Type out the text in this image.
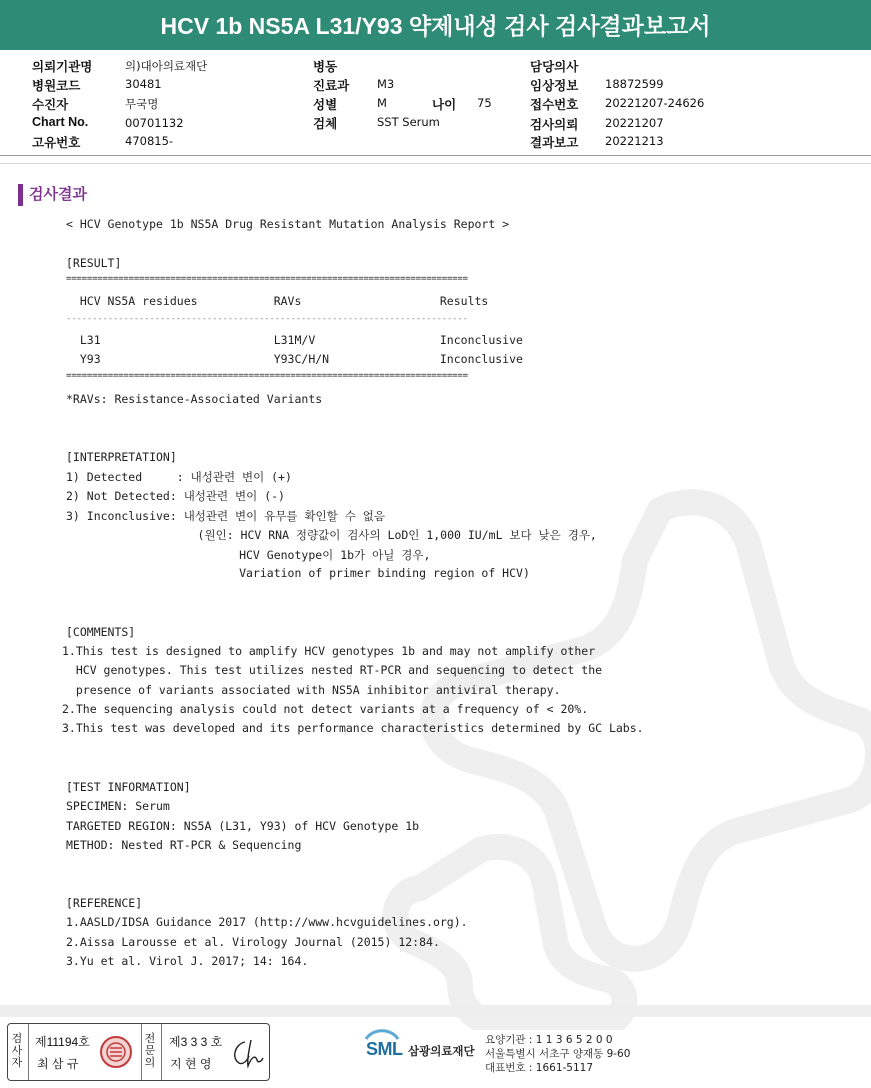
HCV 1b NS5A L31/Y93 약제내성 검사 검사결과보고서
의뢰기관명	의)대아의료재단
병원코드	30481
수진자	무국명
Chart No.	00701132
고유번호	470815-
병동
진료과 M3
성별	M	나이 75
검체	SST Serum
담당의사
임상정보 18872599
접수번호 20221207-24626
검사의뢰 20221207
결과보고 20221213
검사결과
< HCV Genotype 1b NS5A Drug Resistant Mutation Analysis Report >
[RESULT]
=============================================================================
HCV NS5A residues           RAVs                    Results
-----------------------------------------------------------------------------
L31                         L31M/V                  Inconclusive
Y93                         Y93C/H/N                Inconclusive
=============================================================================
*RAVs: Resistance-Associated Variants
[INTERPRETATION]
1) Detected     : 내성관련 변이 (+)
2) Not Detected: 내성관련 변이 (-)
3) Inconclusive: 내성관련 변이 유무를 확인할 수 없음
(원인: HCV RNA 정량값이 검사의 LoD인 1,000 IU/mL 보다 낮은 경우,
HCV Genotype이 1b가 아닐 경우,
Variation of primer binding region of HCV)
[COMMENTS]
1.This test is designed to amplify HCV genotypes 1b and may not amplify other
HCV genotypes. This test utilizes nested RT-PCR and sequencing to detect the
presence of variants associated with NS5A inhibitor antiviral therapy.
2.The sequencing analysis could not detect variants at a frequency of < 20%.
3.This test was developed and its performance characteristics determined by GC Labs.
[TEST INFORMATION]
SPECIMEN: Serum
TARGETED REGION: NS5A (L31, Y93) of HCV Genotype 1b
METHOD: Nested RT-PCR & Sequencing
[REFERENCE]
1.AASLD/IDSA Guidance 2017 (http://www.hcvguidelines.org).
2.Aissa Larousse et al. Virology Journal (2015) 12:84.
3.Yu et al. Virol J. 2017; 14: 164.
검사자
제11194호
최 삼 규
전문의
제3 3 3 호
지 현 영
SML 삼광의료재단
요양기관 : 1 1 3 6 5 2 0 0
서울특별시 서초구 양재동 9-60
대표번호 : 1661-5117
